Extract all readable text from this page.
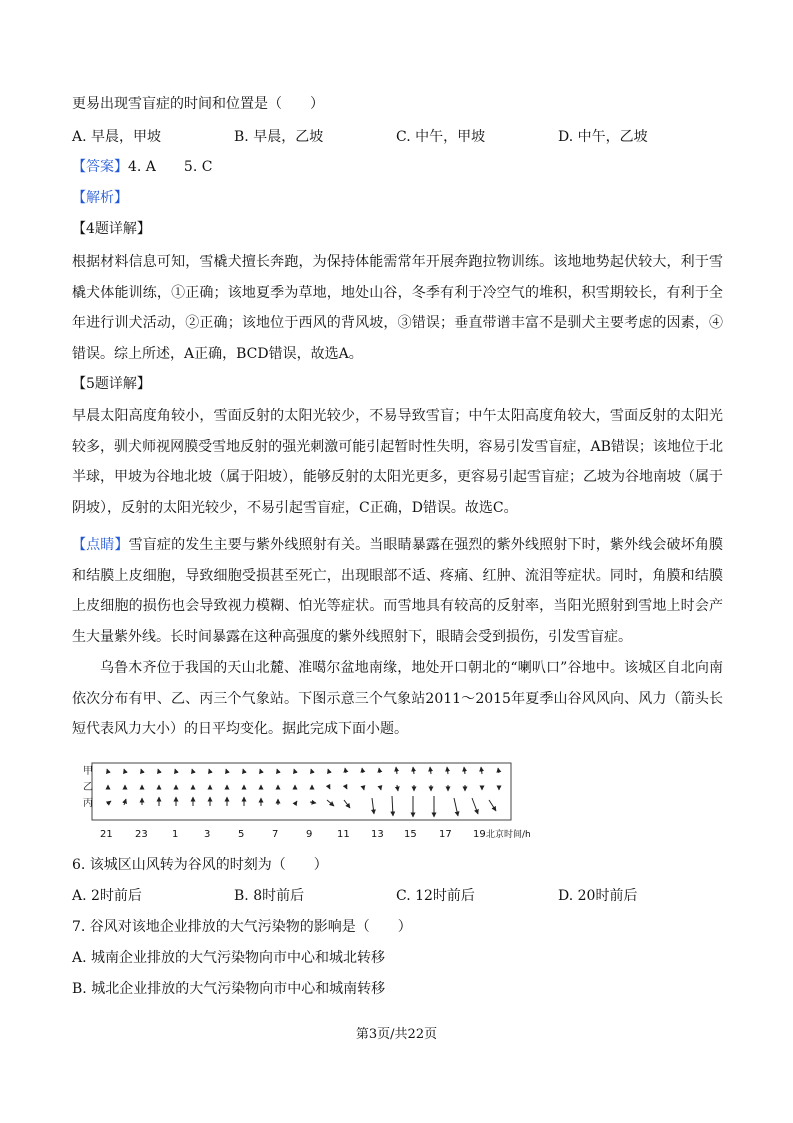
更易出现雪盲症的时间和位置是（　　）
A. 早晨，甲坡	B. 早晨，乙坡	C. 中午，甲坡	D. 中午，乙坡
【答案】4. A　　5. C
【解析】
【4题详解】
根据材料信息可知，雪橇犬擅长奔跑，为保持体能需常年开展奔跑拉物训练。该地地势起伏较大，利于雪橇犬体能训练，①正确；该地夏季为草地，地处山谷，冬季有利于冷空气的堆积，积雪期较长，有利于全年进行训犬活动，②正确；该地位于西风的背风坡，③错误；垂直带谱丰富不是驯犬主要考虑的因素，④错误。综上所述，A正确，BCD错误，故选A。
【5题详解】
早晨太阳高度角较小，雪面反射的太阳光较少，不易导致雪盲；中午太阳高度角较大，雪面反射的太阳光较多，驯犬师视网膜受雪地反射的强光刺激可能引起暂时性失明，容易引发雪盲症，AB错误；该地位于北半球，甲坡为谷地北坡（属于阳坡），能够反射的太阳光更多，更容易引起雪盲症；乙坡为谷地南坡（属于阴坡），反射的太阳光较少，不易引起雪盲症，C正确，D错误。故选C。
【点睛】雪盲症的发生主要与紫外线照射有关。当眼睛暴露在强烈的紫外线照射下时，紫外线会破坏角膜和结膜上皮细胞，导致细胞受损甚至死亡，出现眼部不适、疼痛、红肿、流泪等症状。同时，角膜和结膜上皮细胞的损伤也会导致视力模糊、怕光等症状。而雪地具有较高的反射率，当阳光照射到雪地上时会产生大量紫外线。长时间暴露在这种高强度的紫外线照射下，眼睛会受到损伤，引发雪盲症。
乌鲁木齐位于我国的天山北麓、准噶尔盆地南缘，地处开口朝北的“喇叭口”谷地中。该城区自北向南依次分布有甲、乙、丙三个气象站。下图示意三个气象站2011～2015年夏季山谷风风向、风力（箭头长短代表风力大小）的日平均变化。据此完成下面小题。
甲
乙
丙
21 23 1	3	5	7	9 11 13 15 17 19 北京时间/h
6. 该城区山风转为谷风的时刻为（　　）
A. 2时前后	B. 8时前后	C. 12时前后	D. 20时前后
7. 谷风对该地企业排放的大气污染物的影响是（　　）
A. 城南企业排放的大气污染物向市中心和城北转移
B. 城北企业排放的大气污染物向市中心和城南转移
第3页/共22页
